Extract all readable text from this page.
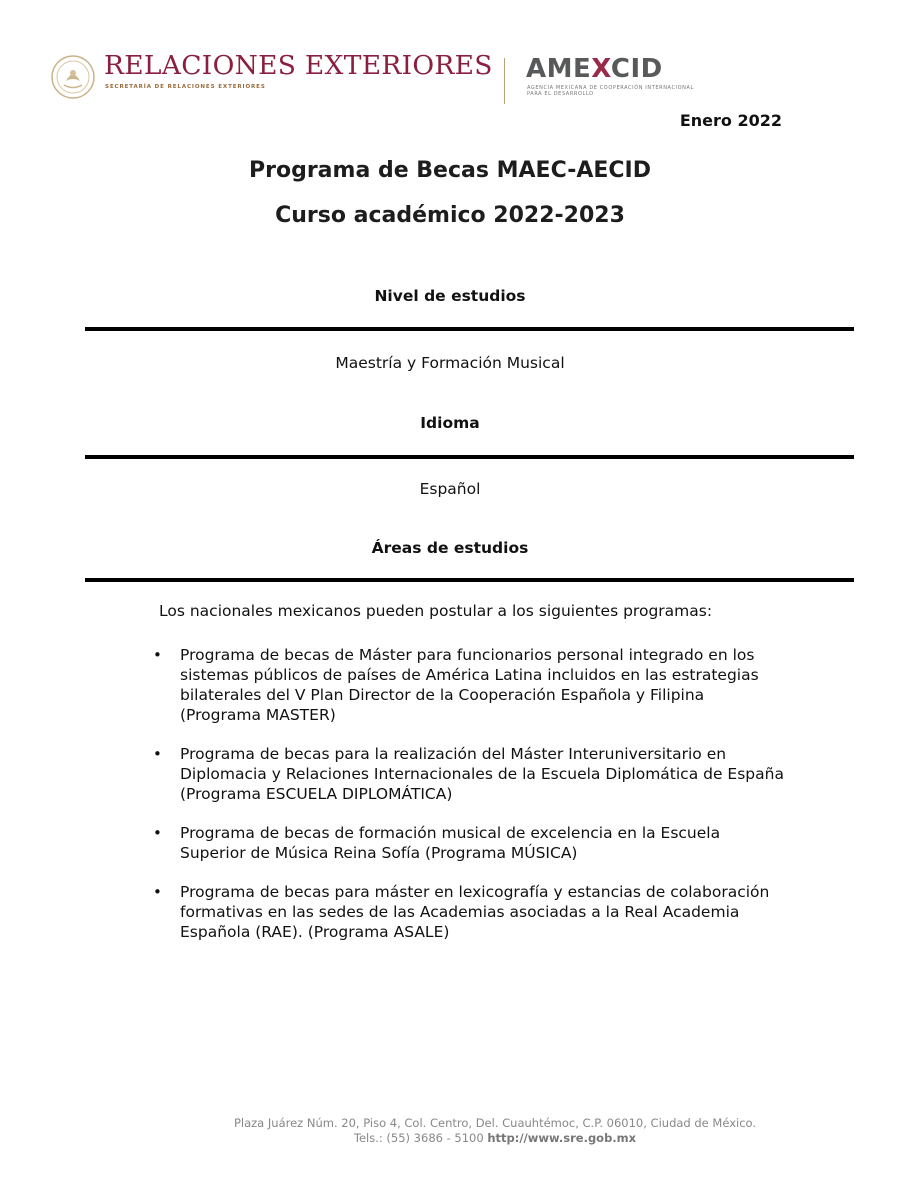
RELACIONES EXTERIORES
SECRETARÍA DE RELACIONES EXTERIORES
AMEXCID
AGENCIA MEXICANA DE COOPERACIÓN INTERNACIONAL PARA EL DESARROLLO
Enero 2022
Programa de Becas MAEC-AECID
Curso académico 2022-2023
Nivel de estudios
Maestría y Formación Musical
Idioma
Español
Áreas de estudios
Los nacionales mexicanos pueden postular a los siguientes programas:
• Programa de becas de Máster para funcionarios personal integrado en los sistemas públicos de países de América Latina incluidos en las estrategias bilaterales del V Plan Director de la Cooperación Española y Filipina (Programa MASTER)
• Programa de becas para la realización del Máster Interuniversitario en Diplomacia y Relaciones Internacionales de la Escuela Diplomática de España (Programa ESCUELA DIPLOMÁTICA)
• Programa de becas de formación musical de excelencia en la Escuela Superior de Música Reina Sofía (Programa MÚSICA)
• Programa de becas para máster en lexicografía y estancias de colaboración formativas en las sedes de las Academias asociadas a la Real Academia Española (RAE). (Programa ASALE)
Plaza Juárez Núm. 20, Piso 4, Col. Centro, Del. Cuauhtémoc, C.P. 06010, Ciudad de México.
Tels.: (55) 3686 - 5100 http://www.sre.gob.mx
